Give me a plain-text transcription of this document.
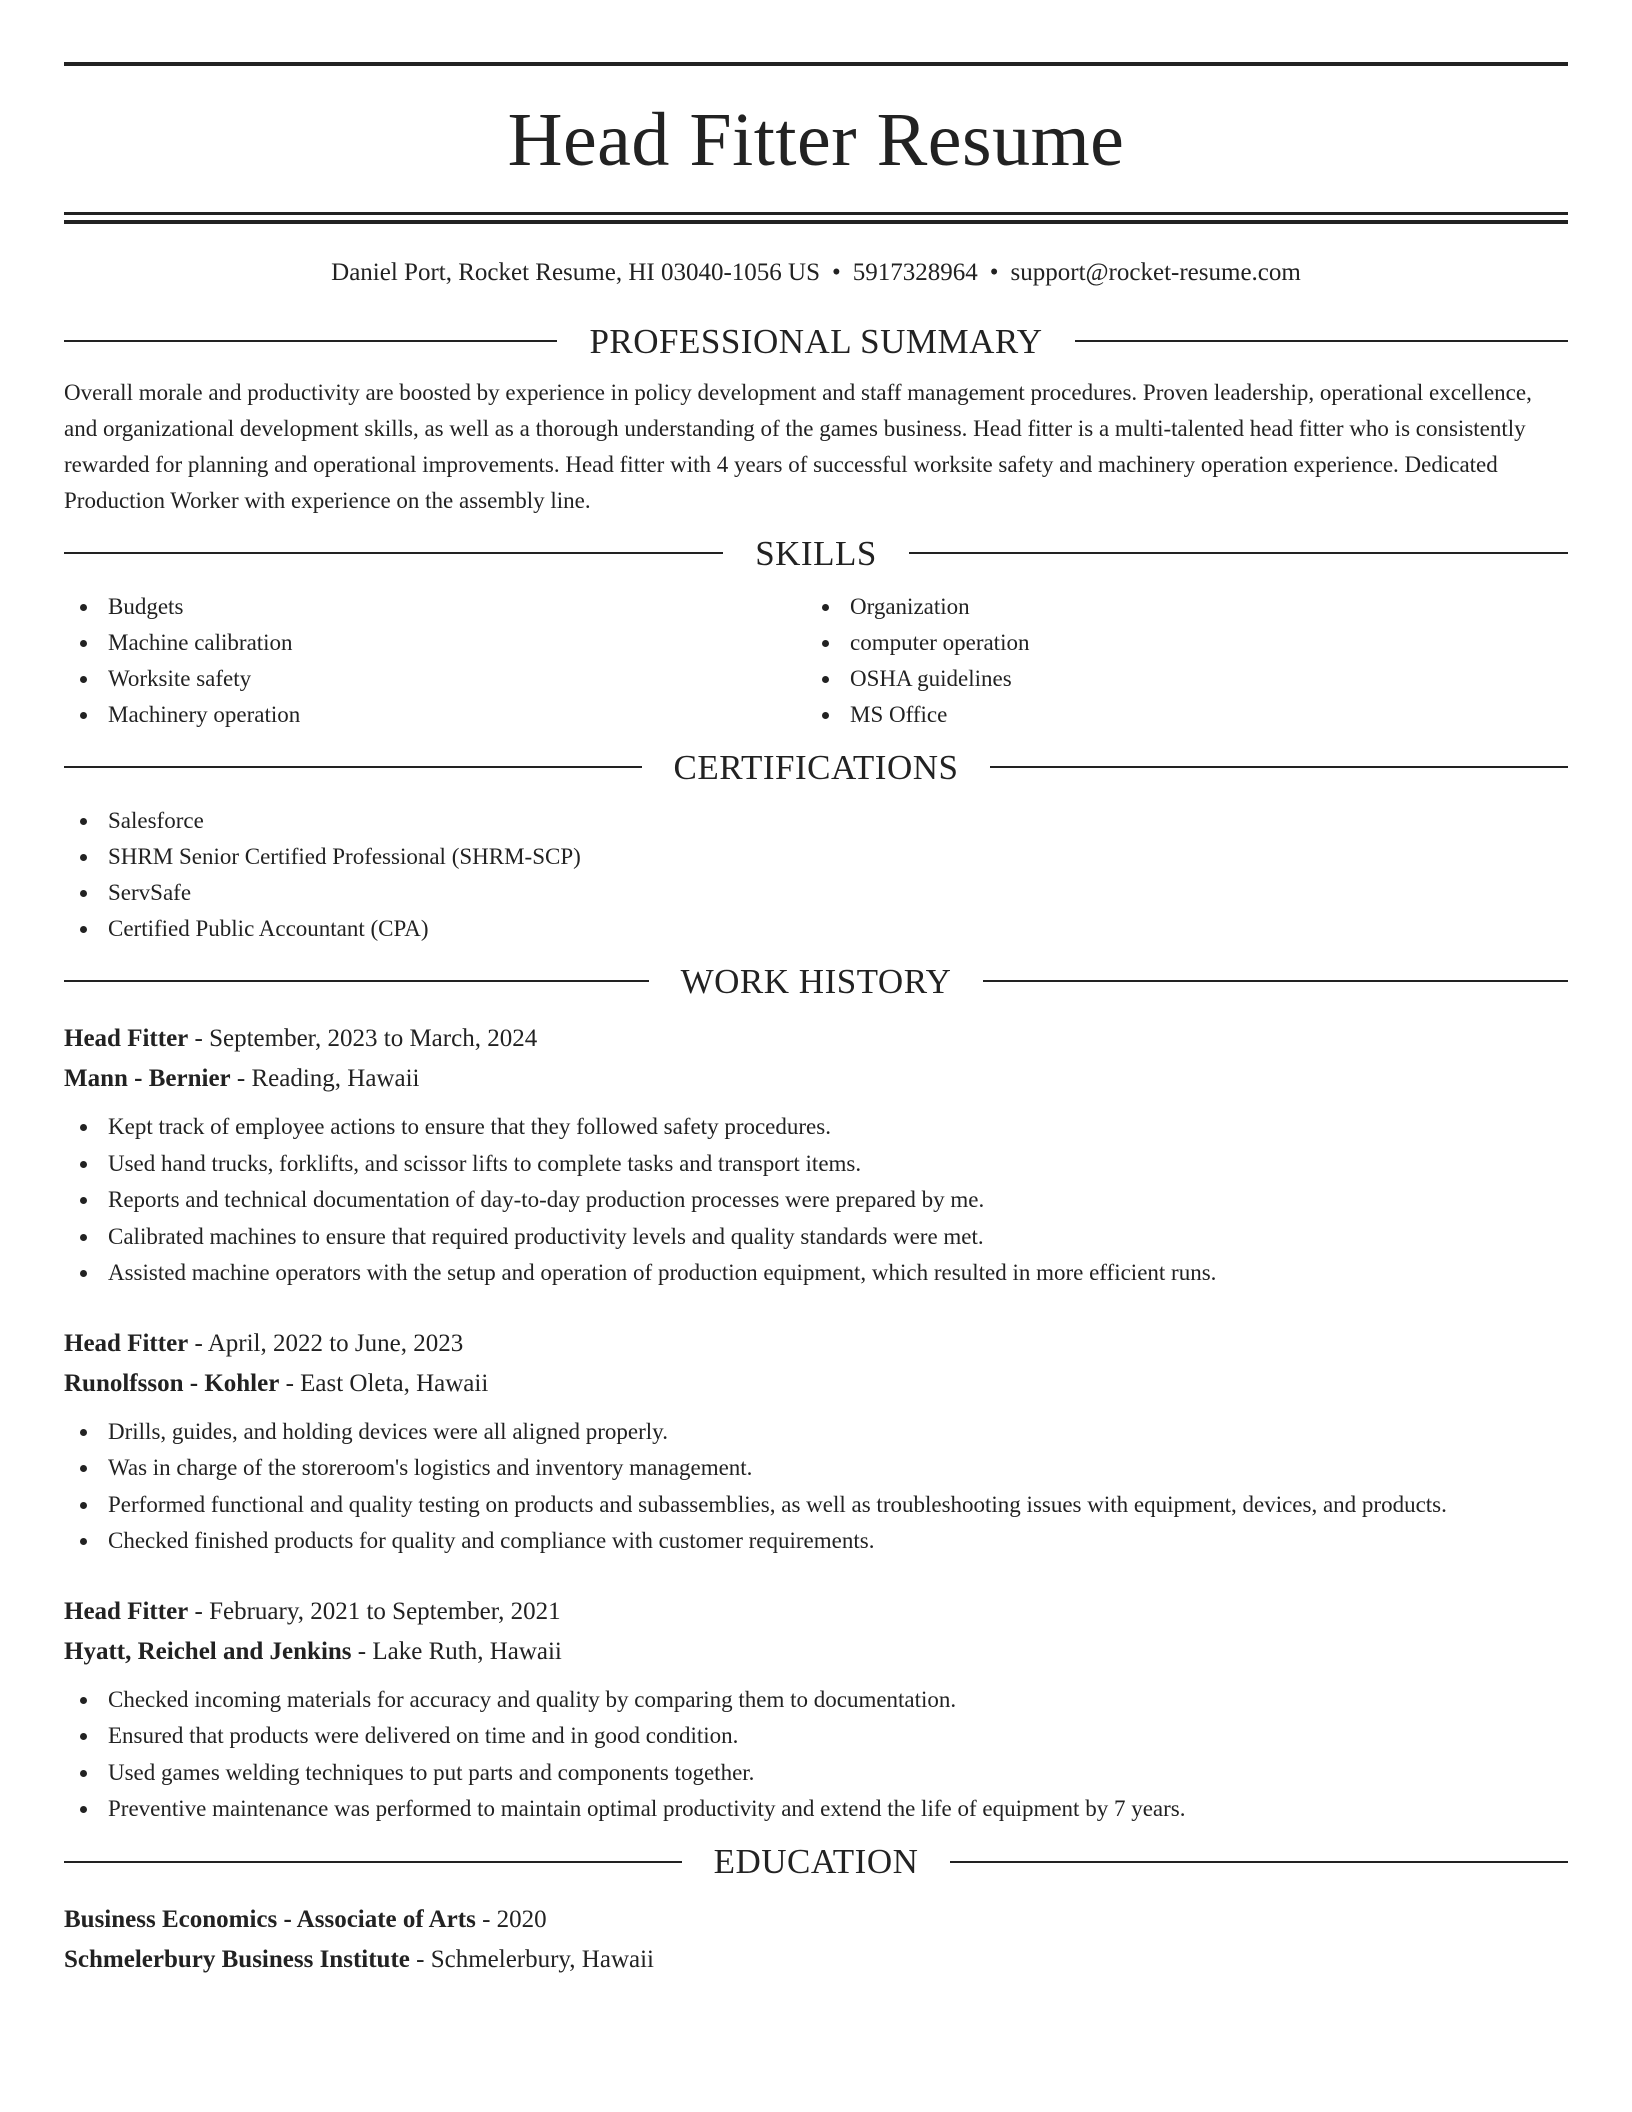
Head Fitter Resume
Daniel Port, Rocket Resume, HI 03040-1056 US • 5917328964 • support@rocket-resume.com
PROFESSIONAL SUMMARY

Overall morale and productivity are boosted by experience in policy development and staff management procedures. Proven leadership, operational excellence, and organizational development skills, as well as a thorough understanding of the games business. Head fitter is a multi-talented head fitter who is consistently rewarded for planning and operational improvements. Head fitter with 4 years of successful worksite safety and machinery operation experience. Dedicated Production Worker with experience on the assembly line.

SKILLS
Budgets
Machine calibration
Worksite safety
Machinery operation
Organization
computer operation
OSHA guidelines
MS Office
CERTIFICATIONS
Salesforce
SHRM Senior Certified Professional (SHRM-SCP)
ServSafe
Certified Public Accountant (CPA)
WORK HISTORY
Head Fitter - September, 2023 to March, 2024
Mann - Bernier - Reading, Hawaii
Kept track of employee actions to ensure that they followed safety procedures.
Used hand trucks, forklifts, and scissor lifts to complete tasks and transport items.
Reports and technical documentation of day-to-day production processes were prepared by me.
Calibrated machines to ensure that required productivity levels and quality standards were met.
Assisted machine operators with the setup and operation of production equipment, which resulted in more efficient runs.
Head Fitter - April, 2022 to June, 2023
Runolfsson - Kohler - East Oleta, Hawaii
Drills, guides, and holding devices were all aligned properly.
Was in charge of the storeroom's logistics and inventory management.
Performed functional and quality testing on products and subassemblies, as well as troubleshooting issues with equipment, devices, and products.
Checked finished products for quality and compliance with customer requirements.
Head Fitter - February, 2021 to September, 2021
Hyatt, Reichel and Jenkins - Lake Ruth, Hawaii
Checked incoming materials for accuracy and quality by comparing them to documentation.
Ensured that products were delivered on time and in good condition.
Used games welding techniques to put parts and components together.
Preventive maintenance was performed to maintain optimal productivity and extend the life of equipment by 7 years.
EDUCATION
Business Economics - Associate of Arts - 2020
Schmelerbury Business Institute - Schmelerbury, Hawaii
